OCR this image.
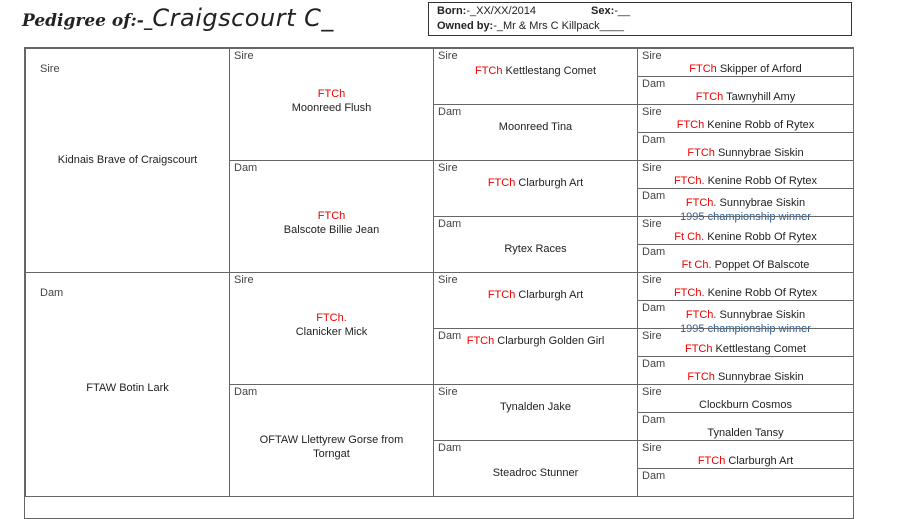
Pedigree of:-_Craigscourt C_	Born:-_XX/XX/2014	Sex:-__
Owned by:-_Mr & Mrs C Killpack____
Sire
Kidnais Brave of Craigscourt
Dam
FTAW Botin Lark
Sire
FTCh
Moonreed Flush
Dam
FTCh
Balscote Billie Jean
Sire
FTCh.
Clanicker Mick
Dam
OFTAW Llettyrew Gorse from Torngat
Sire
FTCh Kettlestang Comet
Dam
Moonreed Tina
Sire
FTCh Clarburgh Art
Dam
Rytex Races
Sire
FTCh Clarburgh Art
Dam FTCh Clarburgh Golden Girl
Sire
Tynalden Jake
Dam
Steadroc Stunner
Sire
FTCh Skipper of Arford
Dam
FTCh Tawnyhill Amy
Sire
FTCh Kenine Robb of Rytex
Dam
FTCh Sunnybrae Siskin
Sire
FTCh. Kenine Robb Of Rytex
Dam
FTCh. Sunnybrae Siskin
1995 championship winner
Sire
Ft Ch. Kenine Robb Of Rytex
Dam
Ft Ch. Poppet Of Balscote
Sire
FTCh. Kenine Robb Of Rytex
Dam
FTCh. Sunnybrae Siskin
1995 championship winner
Sire
FTCh Kettlestang Comet
Dam
FTCh Sunnybrae Siskin
Sire
Clockburn Cosmos
Dam
Tynalden Tansy
Sire
FTCh Clarburgh Art
Dam
